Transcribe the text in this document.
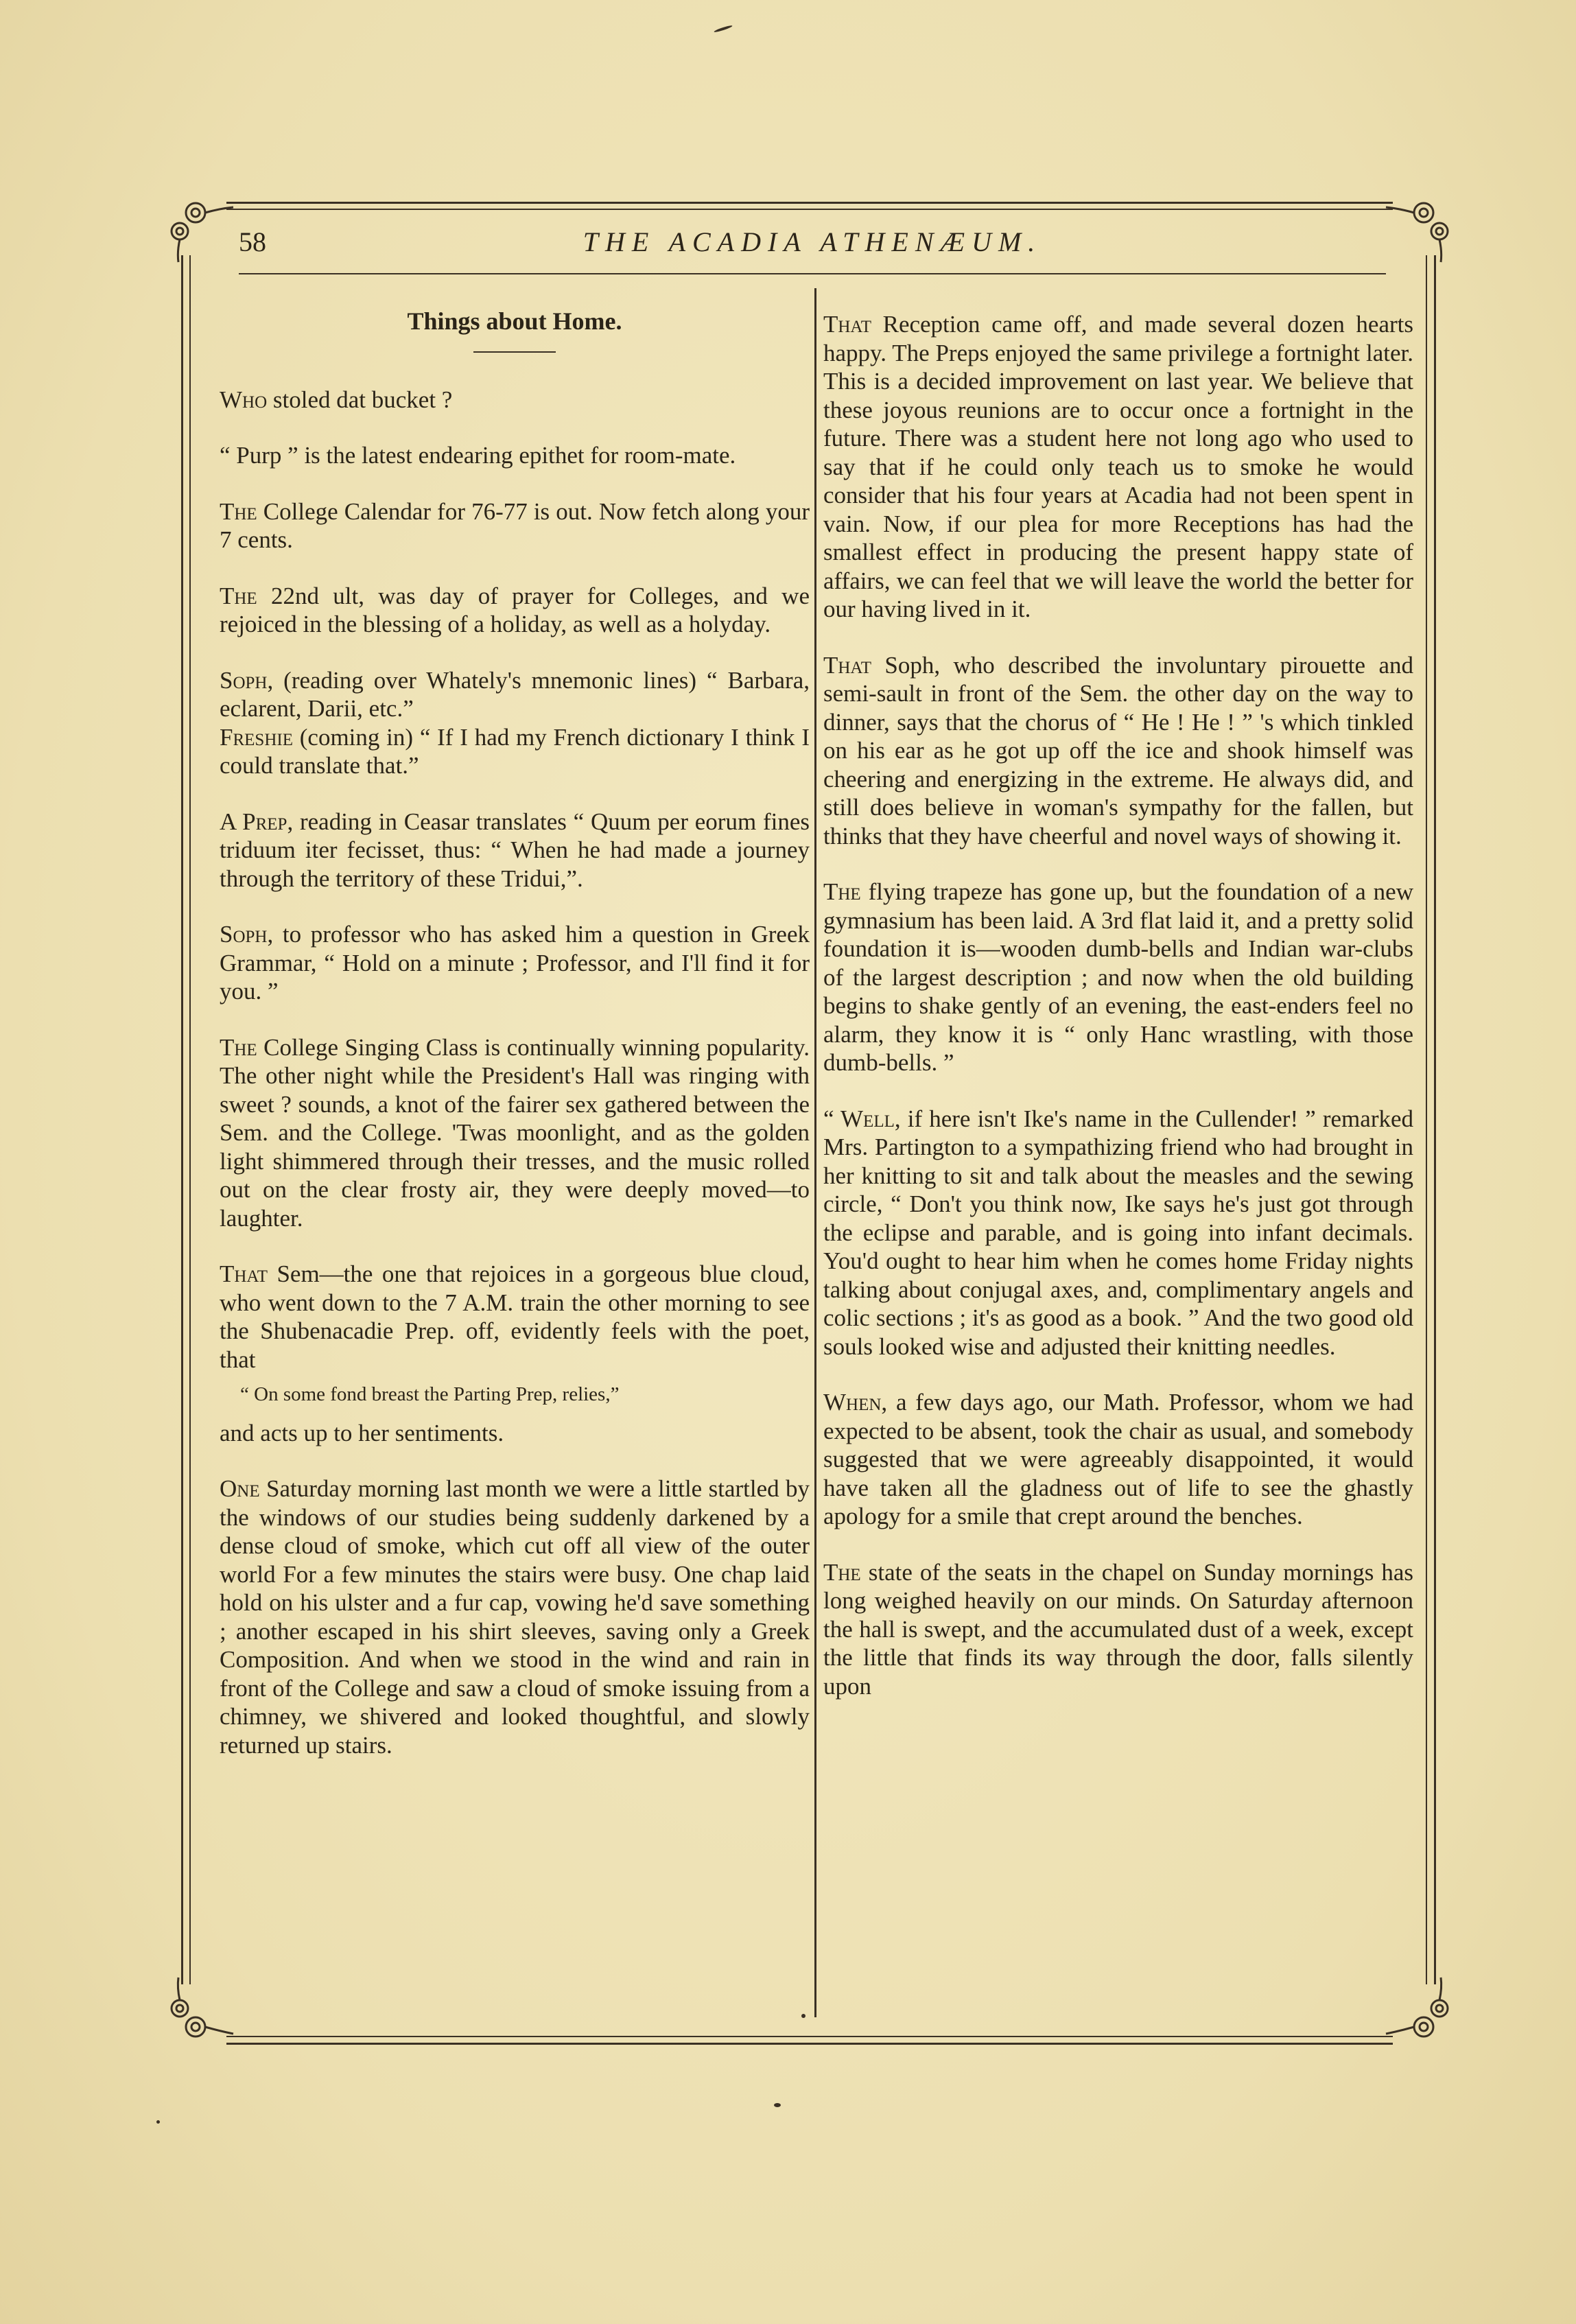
58	THE ACADIA ATHENÆUM.
Things about Home.

Who stoled dat bucket ?

“ Purp ” is the latest endearing epithet for room-mate.

The College Calendar for 76-77 is out. Now fetch along your 7 cents.

The 22nd ult, was day of prayer for Colleges, and we rejoiced in the blessing of a holiday, as well as a holyday.

Soph, (reading over Whately's mnemonic lines) “ Barbara, eclarent, Darii, etc.”

Freshie (coming in) “ If I had my French dictionary I think I could translate that.”

A Prep, reading in Ceasar translates “ Quum per eorum fines triduum iter fecisset, thus: “ When he had made a journey through the territory of these Tridui,”.

Soph, to professor who has asked him a question in Greek Grammar, “ Hold on a minute ; Professor, and I'll find it for you. ”

The College Singing Class is continually winning popularity. The other night while the President's Hall was ringing with sweet ? sounds, a knot of the fairer sex gathered between the Sem. and the College. 'Twas moonlight, and as the golden light shimmered through their tresses, and the music rolled out on the clear frosty air, they were deeply moved—to laughter.

That Sem—the one that rejoices in a gorgeous blue cloud, who went down to the 7 A.M. train the other morning to see the Shubenacadie Prep. off, evidently feels with the poet, that

“ On some fond breast the Parting Prep, relies,”

and acts up to her sentiments.

One Saturday morning last month we were a little startled by the windows of our studies being suddenly darkened by a dense cloud of smoke, which cut off all view of the outer world For a few minutes the stairs were busy. One chap laid hold on his ulster and a fur cap, vowing he'd save something ; another escaped in his shirt sleeves, saving only a Greek Composition. And when we stood in the wind and rain in front of the College and saw a cloud of smoke issuing from a chimney, we shivered and looked thoughtful, and slowly returned up stairs.

That Reception came off, and made several dozen hearts happy. The Preps enjoyed the same privilege a fortnight later. This is a decided improvement on last year. We believe that these joyous reunions are to occur once a fortnight in the future. There was a student here not long ago who used to say that if he could only teach us to smoke he would consider that his four years at Acadia had not been spent in vain. Now, if our plea for more Receptions has had the smallest effect in producing the present happy state of affairs, we can feel that we will leave the world the better for our having lived in it.

That Soph, who described the involuntary pirouette and semi-sault in front of the Sem. the other day on the way to dinner, says that the chorus of “ He ! He ! ” 's which tinkled on his ear as he got up off the ice and shook himself was cheering and energizing in the extreme. He always did, and still does believe in woman's sympathy for the fallen, but thinks that they have cheerful and novel ways of showing it.

The flying trapeze has gone up, but the foundation of a new gymnasium has been laid. A 3rd flat laid it, and a pretty solid foundation it is—wooden dumb-bells and Indian war-clubs of the largest description ; and now when the old building begins to shake gently of an evening, the east-enders feel no alarm, they know it is “ only Hanc wrastling, with those dumb-bells. ”

“ Well, if here isn't Ike's name in the Cullender! ” remarked Mrs. Partington to a sympathizing friend who had brought in her knitting to sit and talk about the measles and the sewing circle, “ Don't you think now, Ike says he's just got through the eclipse and parable, and is going into infant decimals. You'd ought to hear him when he comes home Friday nights talking about conjugal axes, and, complimentary angels and colic sections ; it's as good as a book. ” And the two good old souls looked wise and adjusted their knitting needles.

When, a few days ago, our Math. Professor, whom we had expected to be absent, took the chair as usual, and somebody suggested that we were agreeably disappointed, it would have taken all the gladness out of life to see the ghastly apology for a smile that crept around the benches.

The state of the seats in the chapel on Sunday mornings has long weighed heavily on our minds. On Saturday afternoon the hall is swept, and the accumulated dust of a week, except the little that finds its way through the door, falls silently upon
